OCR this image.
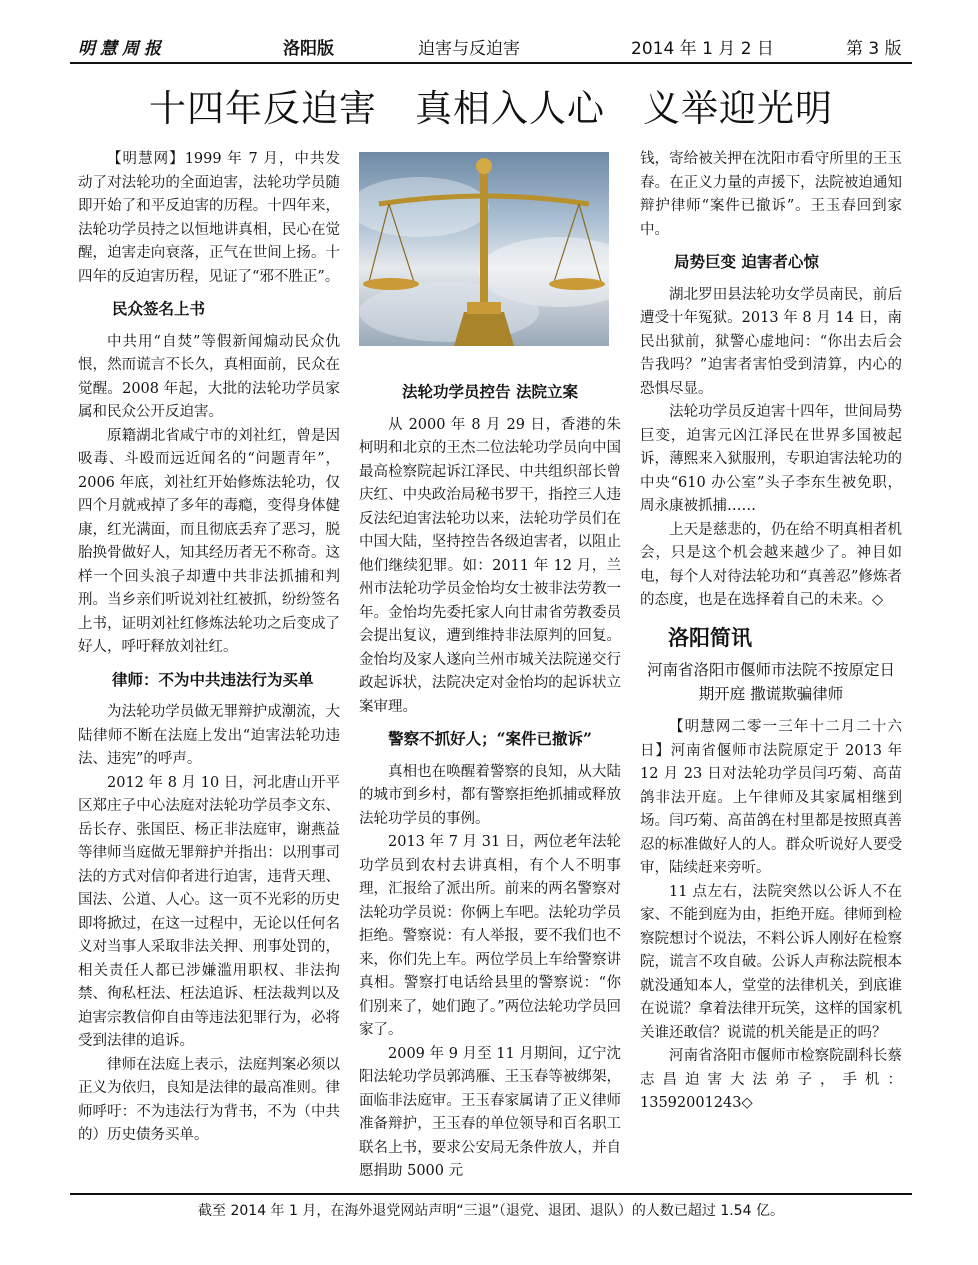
明慧周报	洛阳版	迫害与反迫害	2014 年 1 月 2 日	第 3 版
十四年反迫害　真相入人心　义举迎光明

【明慧网】1999 年 7 月，中共发动了对法轮功的全面迫害，法轮功学员随即开始了和平反迫害的历程。十四年来，法轮功学员持之以恒地讲真相，民心在觉醒，迫害走向衰落，正气在世间上扬。十四年的反迫害历程，见证了“邪不胜正”。

民众签名上书

中共用“自焚”等假新闻煽动民众仇恨，然而谎言不长久，真相面前，民众在觉醒。2008 年起，大批的法轮功学员家属和民众公开反迫害。

原籍湖北省咸宁市的刘社红，曾是因吸毒、斗殴而远近闻名的“问题青年”，2006 年底，刘社红开始修炼法轮功，仅四个月就戒掉了多年的毒瘾，变得身体健康，红光满面，而且彻底丢弃了恶习，脱胎换骨做好人，知其经历者无不称奇。这样一个回头浪子却遭中共非法抓捕和判刑。当乡亲们听说刘社红被抓，纷纷签名上书，证明刘社红修炼法轮功之后变成了好人，呼吁释放刘社红。

律师：不为中共违法行为买单

为法轮功学员做无罪辩护成潮流，大陆律师不断在法庭上发出“迫害法轮功违法、违宪”的呼声。

2012 年 8 月 10 日，河北唐山开平区郑庄子中心法庭对法轮功学员李文东、岳长存、张国臣、杨正非法庭审，谢燕益等律师当庭做无罪辩护并指出：以刑事司法的方式对信仰者进行迫害，违背天理、国法、公道、人心。这一页不光彩的历史即将掀过，在这一过程中，无论以任何名义对当事人采取非法关押、刑事处罚的，相关责任人都已涉嫌滥用职权、非法拘禁、徇私枉法、枉法追诉、枉法裁判以及迫害宗教信仰自由等违法犯罪行为，必将受到法律的追诉。

律师在法庭上表示，法庭判案必须以正义为依归，良知是法律的最高准则。律师呼吁：不为违法行为背书，不为（中共的）历史债务买单。

法轮功学员控告 法院立案

从 2000 年 8 月 29 日，香港的朱柯明和北京的王杰二位法轮功学员向中国最高检察院起诉江泽民、中共组织部长曾庆红、中央政治局秘书罗干，指控三人违反法纪迫害法轮功以来，法轮功学员们在中国大陆，坚持控告各级迫害者，以阻止他们继续犯罪。如：2011 年 12 月，兰州市法轮功学员金怡均女士被非法劳教一年。金怡均先委托家人向甘肃省劳教委员会提出复议，遭到维持非法原判的回复。金怡均及家人遂向兰州市城关法院递交行政起诉状，法院决定对金怡均的起诉状立案审理。

警察不抓好人；“案件已撤诉”

真相也在唤醒着警察的良知，从大陆的城市到乡村，都有警察拒绝抓捕或释放法轮功学员的事例。

2013 年 7 月 31 日，两位老年法轮功学员到农村去讲真相，有个人不明事理，汇报给了派出所。前来的两名警察对法轮功学员说：你俩上车吧。法轮功学员拒绝。警察说：有人举报，要不我们也不来，你们先上车。两位学员上车给警察讲真相。警察打电话给县里的警察说：“你们别来了，她们跑了。”两位法轮功学员回家了。

2009 年 9 月至 11 月期间，辽宁沈阳法轮功学员郭鸿雁、王玉春等被绑架，面临非法庭审。王玉春家属请了正义律师准备辩护，王玉春的单位领导和百名职工联名上书，要求公安局无条件放人，并自愿捐助 5000 元

钱，寄给被关押在沈阳市看守所里的王玉春。在正义力量的声援下，法院被迫通知辩护律师“案件已撤诉”。王玉春回到家中。

局势巨变 迫害者心惊

湖北罗田县法轮功女学员南民，前后遭受十年冤狱。2013 年 8 月 14 日，南民出狱前，狱警心虚地问：“你出去后会告我吗？”迫害者害怕受到清算，内心的恐惧尽显。

法轮功学员反迫害十四年，世间局势巨变，迫害元凶江泽民在世界多国被起诉，薄熙来入狱服刑，专职迫害法轮功的中央“610 办公室”头子李东生被免职，周永康被抓捕……

上天是慈悲的，仍在给不明真相者机会，只是这个机会越来越少了。神目如电，每个人对待法轮功和“真善忍”修炼者的态度，也是在选择着自己的未来。◇

洛阳简讯
河南省洛阳市偃师市法院不按原定日期开庭 撒谎欺骗律师

【明慧网二零一三年十二月二十六日】河南省偃师市法院原定于 2013 年 12 月 23 日对法轮功学员闫巧菊、高苗鸽非法开庭。上午律师及其家属相继到场。闫巧菊、高苗鸽在村里都是按照真善忍的标准做好人的人。群众听说好人要受审，陆续赶来旁听。

11 点左右，法院突然以公诉人不在家、不能到庭为由，拒绝开庭。律师到检察院想讨个说法，不料公诉人刚好在检察院，谎言不攻自破。公诉人声称法院根本就没通知本人，堂堂的法律机关，到底谁在说谎？拿着法律开玩笑，这样的国家机关谁还敢信？说谎的机关能是正的吗？

河南省洛阳市偃师市检察院副科长蔡志昌迫害大法弟子，手机：13592001243◇

截至 2014 年 1 月，在海外退党网站声明“三退”（退党、退团、退队）的人数已超过 1.54 亿。
